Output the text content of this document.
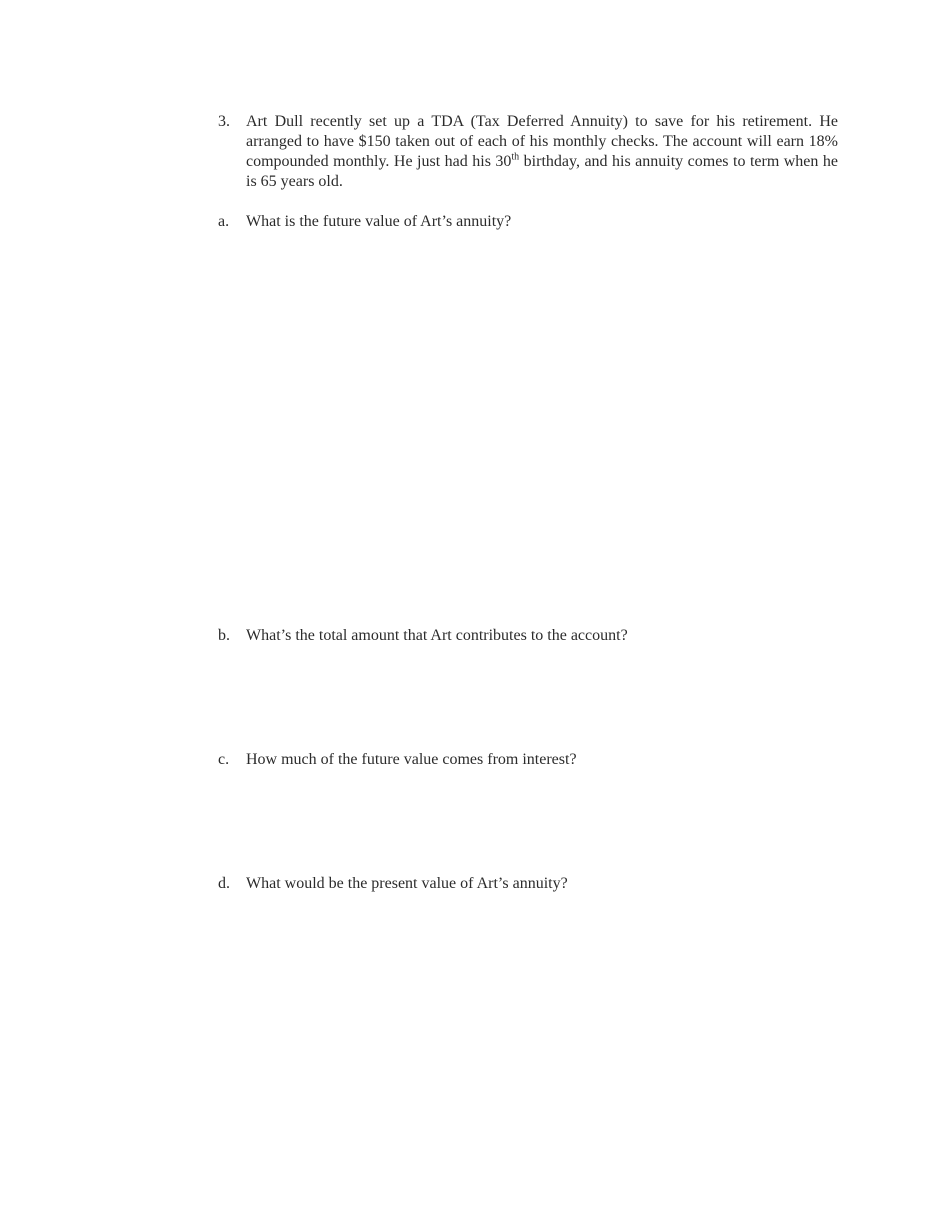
3.	Art Dull recently set up a TDA (Tax Deferred Annuity) to save for his retirement. He arranged to have $150 taken out of each of his monthly checks. The account will earn 18% compounded monthly. He just had his 30th birthday, and his annuity comes to term when he is 65 years old.
a.	What is the future value of Art’s annuity?
b.	What’s the total amount that Art contributes to the account?
c.	How much of the future value comes from interest?
d.	What would be the present value of Art’s annuity?
